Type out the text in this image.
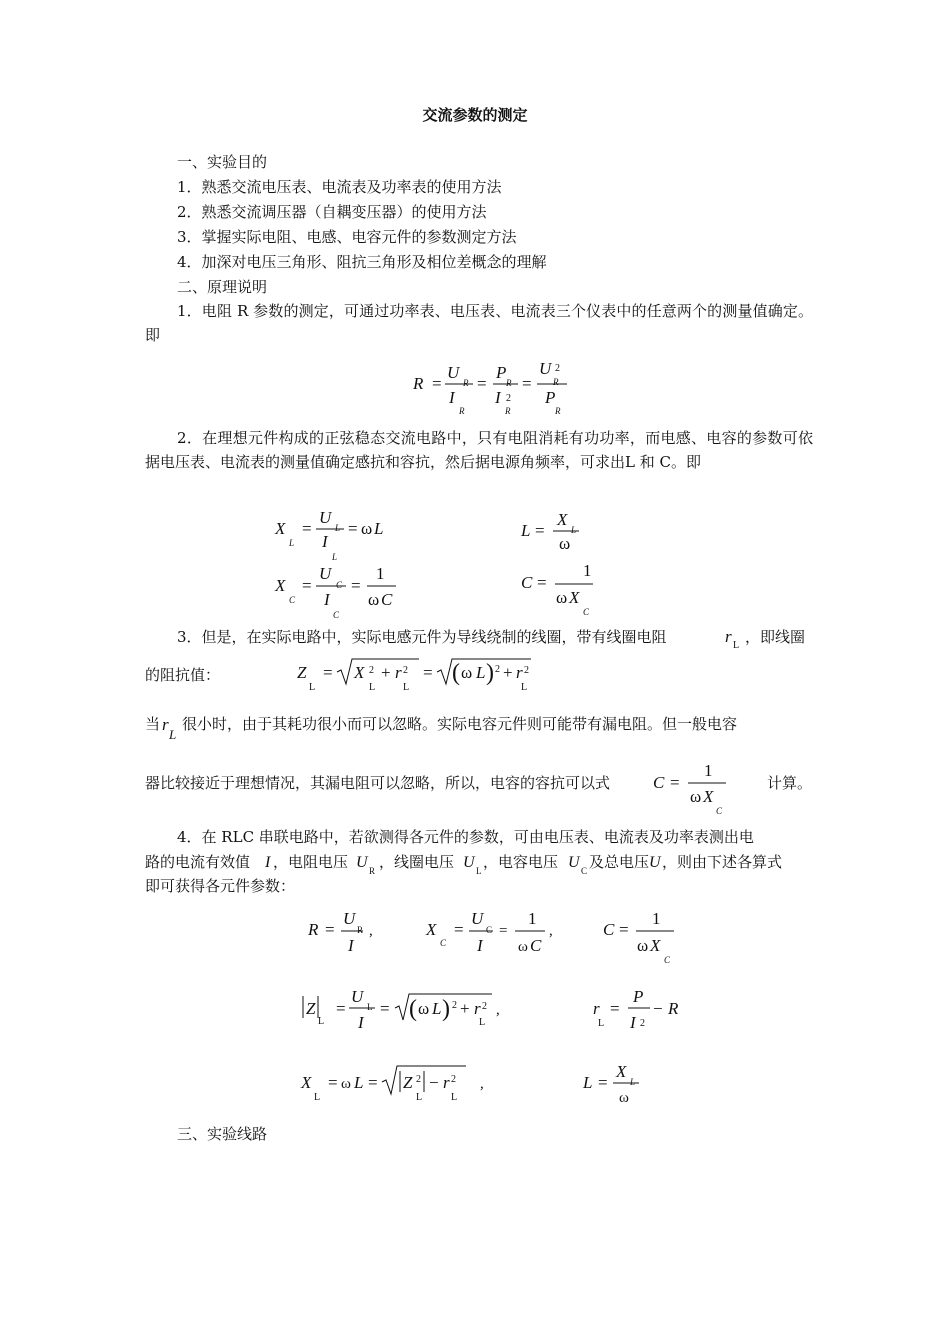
交流参数的测定
一、实验目的
1．熟悉交流电压表、电流表及功率表的使用方法
2．熟悉交流调压器（自耦变压器）的使用方法
3．掌握实际电阻、电感、电容元件的参数测定方法
4．加深对电压三角形、阻抗三角形及相位差概念的理解
二、原理说明
1．电阻 R 参数的测定，可通过功率表、电压表、电流表三个仪表中的任意两个的测量值确定。即
R =
U
R
I
R
=
P
R
I 2
R
=
U 2
R
P
R
2．在理想元件构成的正弦稳态交流电路中，只有电阻消耗有功功率，而电感、电容的参数可依据电压表、电流表的测量值确定感抗和容抗，然后据电源角频率，可求出L 和 C。即
X
L
=
U
L
I
L
= ω L	L =
X
L
ω
X
C
=
U
C
I
C
=
1
ω C
C =
1
ω X
C
3．但是，在实际电路中，实际电感元件为导线绕制的线圈，带有线圈电阻	r L ，即线圈
的阻抗值：	Z
L
= X 2
L
+ r 2
L
= ( ω L ) 2 + r 2
L
当 r
L
很小时，由于其耗功很小而可以忽略。实际电容元件则可能带有漏电阻。但一般电容
器比较接近于理想情况，其漏电阻可以忽略，所以，电容的容抗可以式	C =
1
ω X
C
计算。
4．在 RLC 串联电路中，若欲测得各元件的参数，可由电压表、电流表及功率表测出电
路的电流有效值 I ，电阻电压 U R ，线圈电压 U L ，电容电压 U C 及总电压 U ，则由下述各算式
即可获得各元件参数：
R =
U
R
I
,	X
C
=
U
C
I
=
1
ω C
,	C =
1
ω X
C
Z
L
=
U
L
I
= ( ω L ) 2 + r 2
L
,	r
L
=
P
I 2
− R
X
L
= ω L = Z 2
L
− r 2
L
,	L =
X
L
ω
三、实验线路
